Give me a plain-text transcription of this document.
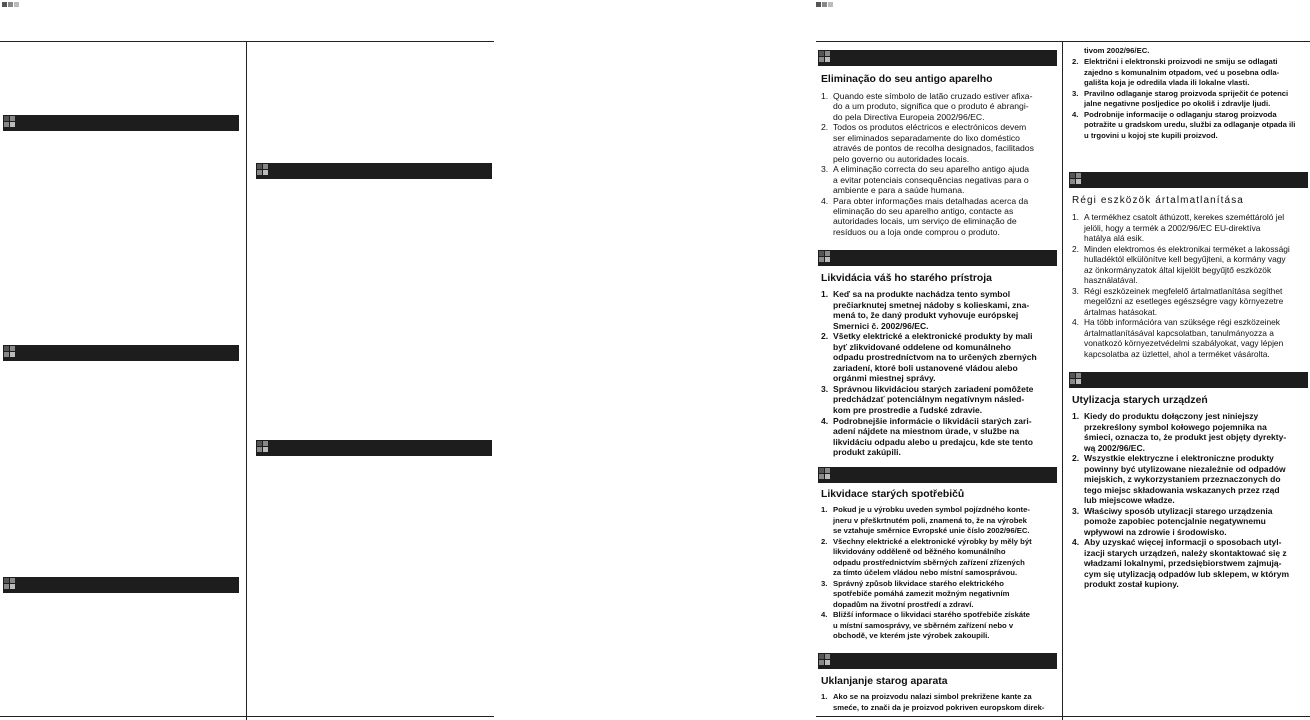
Eliminação do seu antigo aparelho
1. Quando este símbolo de latão cruzado estiver afixa-
do a um produto, significa que o produto é abrangi-
do pela Directiva Europeia 2002/96/EC.
2. Todos os produtos eléctricos e electrónicos devem
ser eliminados separadamente do lixo doméstico
através de pontos de recolha designados, facilitados
pelo governo ou autoridades locais.
3. A eliminação correcta do seu aparelho antigo ajuda
a evitar potenciais consequências negativas para o
ambiente e para a saúde humana.
4. Para obter informações mais detalhadas acerca da
eliminação do seu aparelho antigo, contacte as
autoridades locais, um serviço de eliminação de
resíduos ou a loja onde comprou o produto.
Likvidácia váš ho starého prístroja
1. Keď sa na produkte nachádza tento symbol
prečiarknutej smetnej nádoby s kolieskami, zna-
mená to, že daný produkt vyhovuje európskej
Smernici č. 2002/96/EC.
2. Všetky elektrické a elektronické produkty by mali
byť zlikvidované oddelene od komunálneho
odpadu prostredníctvom na to určených zberných
zariadení, ktoré boli ustanovené vládou alebo
orgánmi miestnej správy.
3. Správnou likvidáciou starých zariadení pomôžete
predchádzať potenciálnym negatívnym násled-
kom pre prostredie a ľudské zdravie.
4. Podrobnejšie informácie o likvidácii starých zari-
adení nájdete na miestnom úrade, v službe na
likvidáciu odpadu alebo u predajcu, kde ste tento
produkt zakúpili.
Likvidace starých spotřebičů
1. Pokud je u výrobku uveden symbol pojízdného konte-
jneru v přeškrtnutém poli, znamená to, že na výrobek
se vztahuje směrnice Evropské unie číslo 2002/96/EC.
2. Všechny elektrické a elektronické výrobky by měly být
likvidovány odděleně od běžného komunálního
odpadu prostřednictvím sběrných zařízení zřízených
za tímto účelem vládou nebo místní samosprávou.
3. Správný způsob likvidace starého elektrického
spotřebiče pomáhá zamezit možným negativním
dopadům na životní prostředí a zdraví.
4. Bližší informace o likvidaci starého spotřebiče získáte
u místní samosprávy, ve sběrném zařízení nebo v
obchodě, ve kterém jste výrobek zakoupili.
Uklanjanje starog aparata
1. Ako se na proizvodu nalazi simbol prekrižene kante za
smeće, to znači da je proizvod pokriven europskom direk-
tivom 2002/96/EC.
2. Električni i elektronski proizvodi ne smiju se odlagati
zajedno s komunalnim otpadom, već u posebna odla-
gališta koja je odredila vlada ili lokalne vlasti.
3. Pravilno odlaganje starog proizvoda spriječit će potenci
jalne negativne posljedice po okoliš i zdravlje ljudi.
4. Podrobnije informacije o odlaganju starog proizvoda
potražite u gradskom uredu, službi za odlaganje otpada ili
u trgovini u kojoj ste kupili proizvod.
Régi eszközök ártalmatlanítása
1. A termékhez csatolt áthúzott, kerekes szeméttároló jel
jelöli, hogy a termék a 2002/96/EC EU-direktíva
hatálya alá esik.
2. Minden elektromos és elektronikai terméket a lakossági
hulladéktól elkülönítve kell begyűjteni, a kormány vagy
az önkormányzatok által kijelölt begyűjtő eszközök
használatával.
3. Régi eszközeinek megfelelő ártalmatlanítása segíthet
megelőzni az esetleges egészségre vagy környezetre
ártalmas hatásokat.
4. Ha több információra van szüksége régi eszközeinek
ártalmatlanításával kapcsolatban, tanulmányozza a
vonatkozó környezetvédelmi szabályokat, vagy lépjen
kapcsolatba az üzlettel, ahol a terméket vásárolta.
Utylizacja starych urządzeń
1. Kiedy do produktu dołączony jest niniejszy
przekreślony symbol kołowego pojemnika na
śmieci, oznacza to, że produkt jest objęty dyrekty-
wą 2002/96/EC.
2. Wszystkie elektryczne i elektroniczne produkty
powinny być utylizowane niezależnie od odpadów
miejskich, z wykorzystaniem przeznaczonych do
tego miejsc składowania wskazanych przez rząd
lub miejscowe władze.
3. Właściwy sposób utylizacji starego urządzenia
pomoże zapobiec potencjalnie negatywnemu
wpływowi na zdrowie i środowisko.
4. Aby uzyskać więcej informacji o sposobach utyl-
izacji starych urządzeń, należy skontaktować się z
władzami lokalnymi, przedsiębiorstwem zajmują-
cym się utylizacją odpadów lub sklepem, w którym
produkt został kupiony.
